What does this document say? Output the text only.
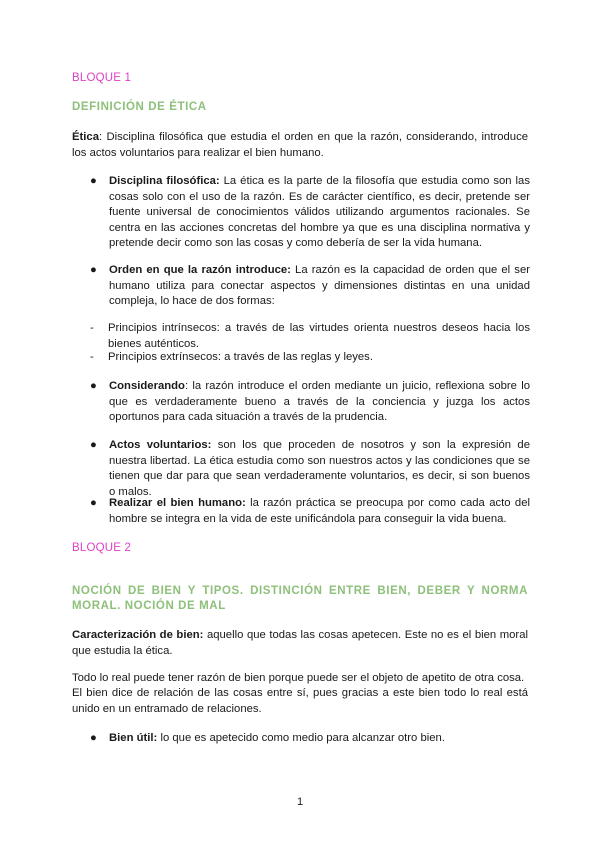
BLOQUE 1
DEFINICIÓN DE ÉTICA
Ética: Disciplina filosófica que estudia el orden en que la razón, considerando, introduce los actos voluntarios para realizar el bien humano.
● Disciplina filosófica: La ética es la parte de la filosofía que estudia como son las cosas solo con el uso de la razón. Es de carácter científico, es decir, pretende ser fuente universal de conocimientos válidos utilizando argumentos racionales. Se centra en las acciones concretas del hombre ya que es una disciplina normativa y pretende decir como son las cosas y como debería de ser la vida humana.
● Orden en que la razón introduce: La razón es la capacidad de orden que el ser humano utiliza para conectar aspectos y dimensiones distintas en una unidad compleja, lo hace de dos formas:
- Principios intrínsecos: a través de las virtudes orienta nuestros deseos hacia los bienes auténticos.
- Principios extrínsecos: a través de las reglas y leyes.
● Considerando: la razón introduce el orden mediante un juicio, reflexiona sobre lo que es verdaderamente bueno a través de la conciencia y juzga los actos oportunos para cada situación a través de la prudencia.
● Actos voluntarios: son los que proceden de nosotros y son la expresión de nuestra libertad. La ética estudia como son nuestros actos y las condiciones que se tienen que dar para que sean verdaderamente voluntarios, es decir, si son buenos o malos.
● Realizar el bien humano: la razón práctica se preocupa por como cada acto del hombre se integra en la vida de este unificándola para conseguir la vida buena.
BLOQUE 2
NOCIÓN DE BIEN Y TIPOS. DISTINCIÓN ENTRE BIEN, DEBER Y NORMA MORAL. NOCIÓN DE MAL
Caracterización de bien: aquello que todas las cosas apetecen. Este no es el bien moral que estudia la ética.
Todo lo real puede tener razón de bien porque puede ser el objeto de apetito de otra cosa.
El bien dice de relación de las cosas entre sí, pues gracias a este bien todo lo real está unido en un entramado de relaciones.
● Bien útil: lo que es apetecido como medio para alcanzar otro bien.
1
